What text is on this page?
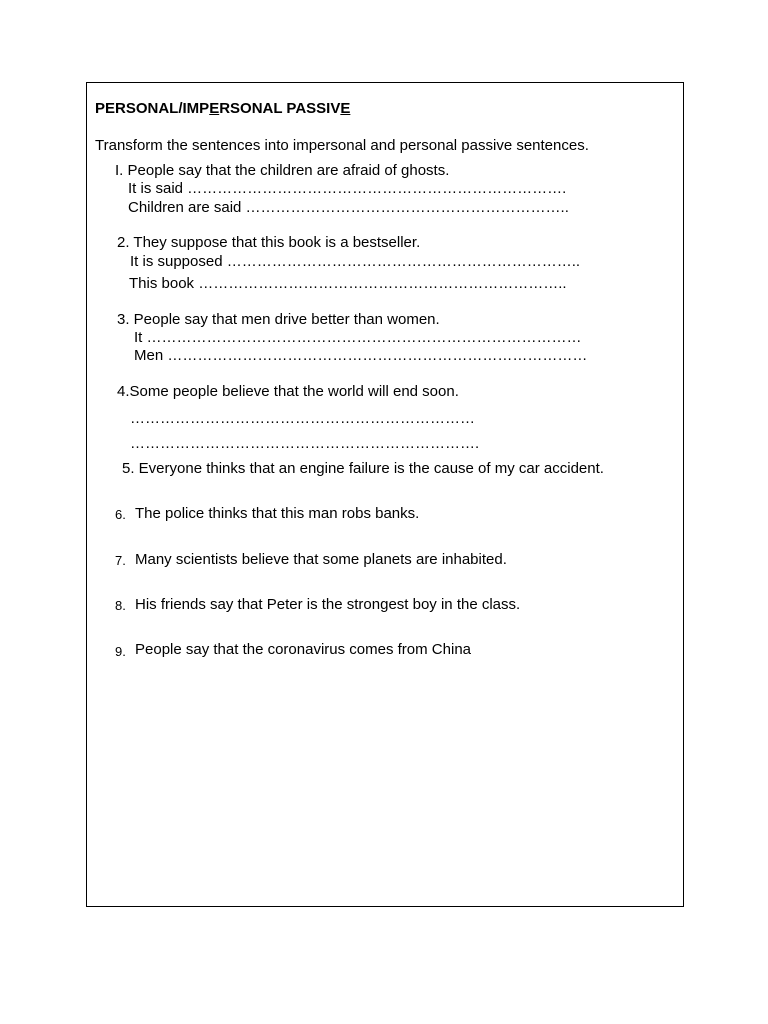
PERSONAL/IMPERSONAL PASSIVE
Transform the sentences into impersonal and personal passive sentences.
I. People say that the children are afraid of ghosts.
It is said ………………………………………………………………….
Children are said ………………………………………………………..
2. They suppose that this book is a bestseller.
It is supposed ……………………………………………………………..
This book ………………………………………………………………..
3. People say that men drive better than women.
It ……………………………………………………………………………
Men …………………………………………………………………………
4.Some people believe that the world will end soon.
……………………………………………………………
…………………………………………………………….
5. Everyone thinks that an engine failure is the cause of my car accident.
6. The police thinks that this man robs banks.
7. Many scientists believe that some planets are inhabited.
8. His friends say that Peter is the strongest boy in the class.
9. People say that the coronavirus comes from China
